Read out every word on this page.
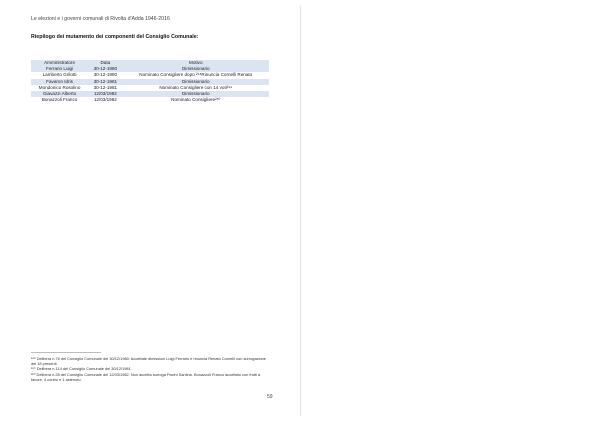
Le elezioni e i governi comunali di Rivolta d'Adda 1946-2016
Riepilogo dei mutamento dei componenti del Consiglio Comunale:
Amministratore	Data	Motivo
Ferrario Luigi	30-12-1980	Dimissionario
Lamberto Grilotti	30-12-1980	Nominato Consigliere dopo ²⁴⁸Rinuncia Cornelli Renato
Favaron Idris	30-12-1981	Dimissionario
Mondonico Rosolino	30-12-1981	Nominato Consigliere con 14 voti²⁴⁹
Giavazzi Alberto	12/03/1982	Dimissionario
Bonazzoli Franco	12/03/1982	Nominato Consigliere²⁵⁰

²⁴⁸ Delibera n.76 del Consiglio Comunale del 30/12/1980: Accettate dimissioni Luigi Ferrario e rinuncia Renato Cornelli con surrogazione dei 18 presenti.

²⁴⁹ Delibera n.114 del Consiglio Comunale del 30/12/1981.

²⁵⁰ Delibera n.28 del Consiglio Comunale del 12/03/1982. Non accetta surroga Pavini Santina. Bonazzoli Franco accettato con frutti a favore, 4 contro e 1 astenuto.

59
